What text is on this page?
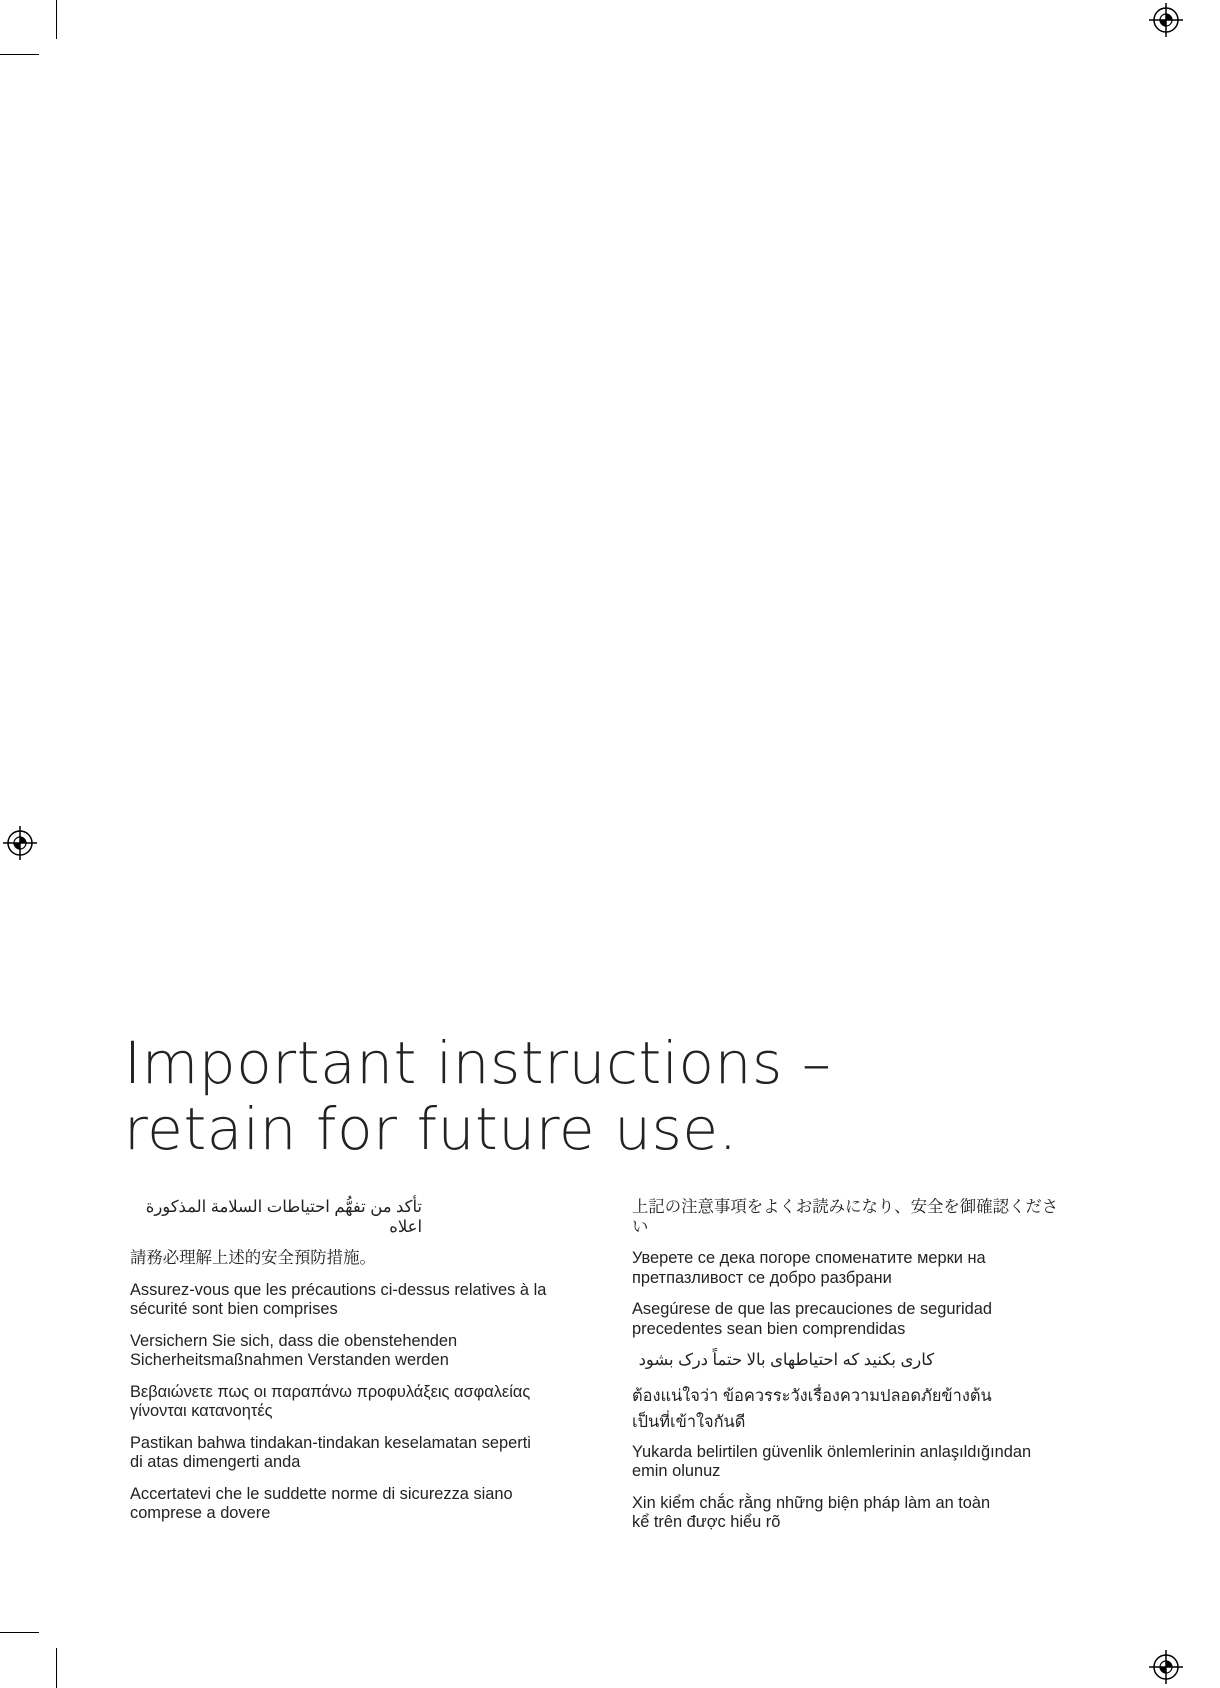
Important instructions –
retain for future use.

تأكد من تفهُّم احتياطات السلامة المذكورة اعلاه

請務必理解上述的安全預防措施。

Assurez-vous que les précautions ci-dessus relatives à la
sécurité sont bien comprises

Versichern Sie sich, dass die obenstehenden
Sicherheitsmaßnahmen Verstanden werden

Βεβαιώνετε πως οι παραπάνω προφυλάξεις ασφαλείας
γίνονται κατανοητές

Pastikan bahwa tindakan-tindakan keselamatan seperti
di atas dimengerti anda

Accertatevi che le suddette norme di sicurezza siano
comprese a dovere

上記の注意事項をよくお読みになり、安全を御確認ください

Уверете се дека погоре споменатите мерки на
претпазливост се добро разбрани

Asegúrese de que las precauciones de seguridad
precedentes sean bien comprendidas

کاری بکنید که احتیاطهای بالا حتماً درک بشود

ต้องแน่ใจว่า ข้อควรระวังเรื่องความปลอดภัยข้างต้น
เป็นที่เข้าใจกันดี

Yukarda belirtilen güvenlik önlemlerinin anlaşıldığından
emin olunuz

Xin kiểm chắc rằng những biện pháp làm an toàn
kể trên được hiểu rõ
